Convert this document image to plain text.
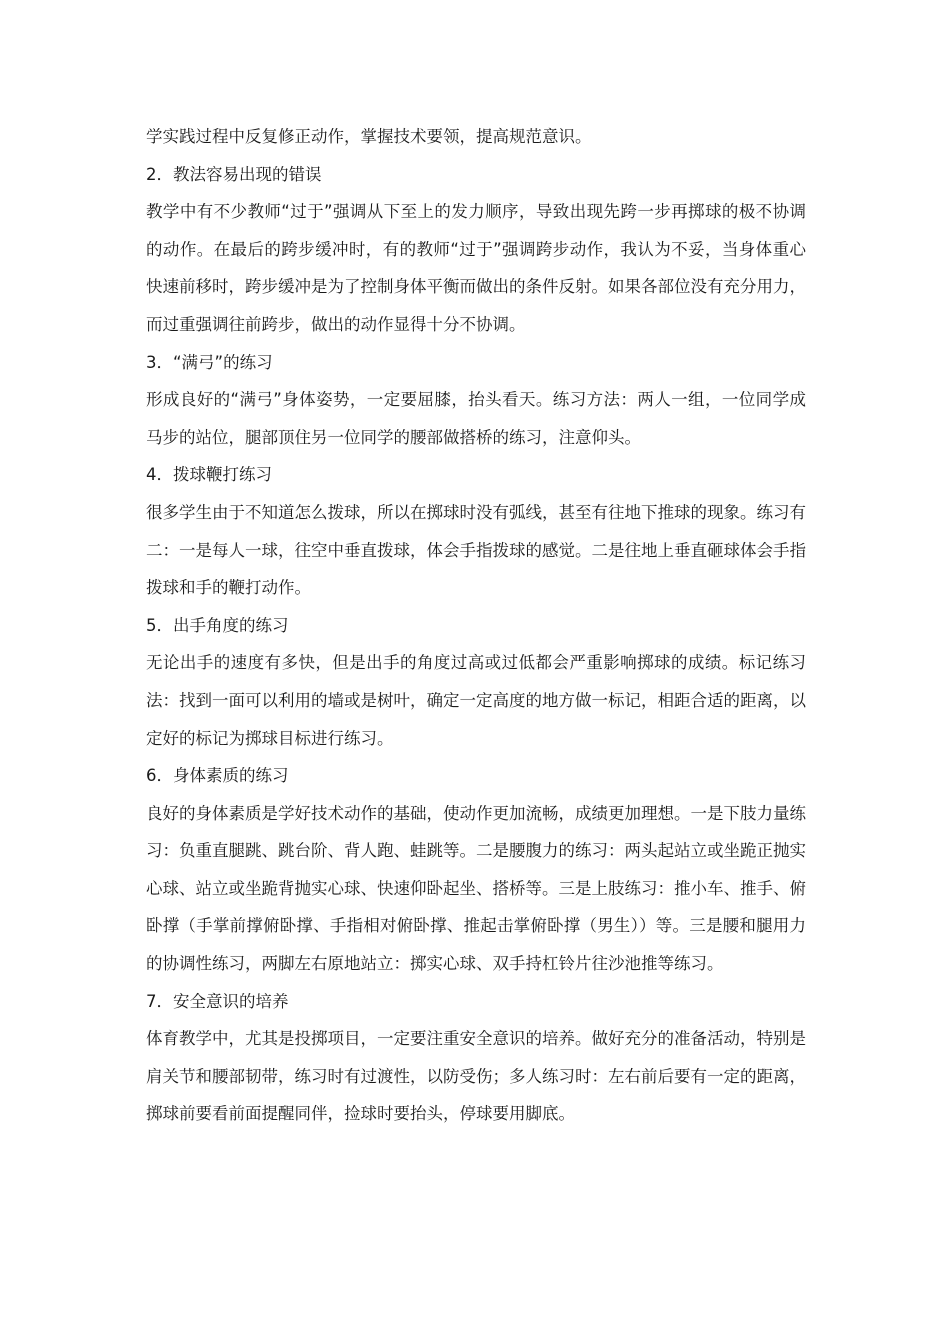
学实践过程中反复修正动作，掌握技术要领，提高规范意识。

2．教法容易出现的错误

教学中有不少教师“过于”强调从下至上的发力顺序，导致出现先跨一步再掷球的极不协调的动作。在最后的跨步缓冲时，有的教师“过于”强调跨步动作，我认为不妥，当身体重心快速前移时，跨步缓冲是为了控制身体平衡而做出的条件反射。如果各部位没有充分用力，而过重强调往前跨步，做出的动作显得十分不协调。

3．“满弓”的练习

形成良好的“满弓”身体姿势，一定要屈膝，抬头看天。练习方法：两人一组，一位同学成马步的站位，腿部顶住另一位同学的腰部做搭桥的练习，注意仰头。

4．拨球鞭打练习

很多学生由于不知道怎么拨球，所以在掷球时没有弧线，甚至有往地下推球的现象。练习有二：一是每人一球，往空中垂直拨球，体会手指拨球的感觉。二是往地上垂直砸球体会手指拨球和手的鞭打动作。

5．出手角度的练习

无论出手的速度有多快，但是出手的角度过高或过低都会严重影响掷球的成绩。标记练习法：找到一面可以利用的墙或是树叶，确定一定高度的地方做一标记，相距合适的距离，以定好的标记为掷球目标进行练习。

6．身体素质的练习

良好的身体素质是学好技术动作的基础，使动作更加流畅，成绩更加理想。一是下肢力量练习：负重直腿跳、跳台阶、背人跑、蛙跳等。二是腰腹力的练习：两头起站立或坐跪正抛实心球、站立或坐跪背抛实心球、快速仰卧起坐、搭桥等。三是上肢练习：推小车、推手、俯卧撑（手掌前撑俯卧撑、手指相对俯卧撑、推起击掌俯卧撑（男生））等。三是腰和腿用力的协调性练习，两脚左右原地站立：掷实心球、双手持杠铃片往沙池推等练习。

7．安全意识的培养

体育教学中，尤其是投掷项目，一定要注重安全意识的培养。做好充分的准备活动，特别是肩关节和腰部韧带，练习时有过渡性，以防受伤；多人练习时：左右前后要有一定的距离，掷球前要看前面提醒同伴，捡球时要抬头，停球要用脚底。
